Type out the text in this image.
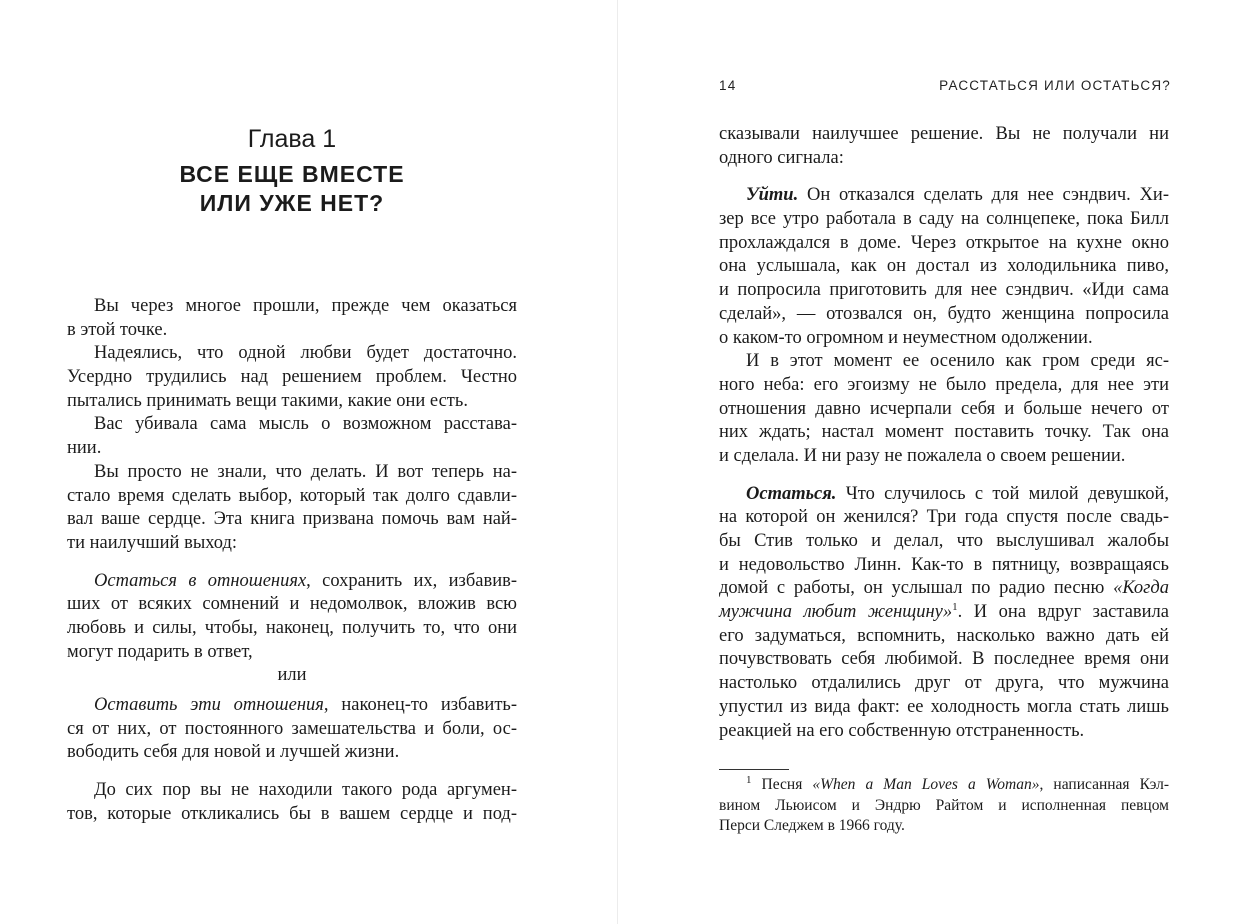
Глава 1
ВСЕ ЕЩЕ ВМЕСТЕ
ИЛИ УЖЕ НЕТ?
Вы через многое прошли, прежде чем оказаться
в этой точке.
Надеялись, что одной любви будет достаточно.
Усердно трудились над решением проблем. Честно
пытались принимать вещи такими, какие они есть.
Вас убивала сама мысль о возможном расстава-
нии.
Вы просто не знали, что делать. И вот теперь на-
стало время сделать выбор, который так долго сдавли-
вал ваше сердце. Эта книга призвана помочь вам най-
ти наилучший выход:
Остаться в отношениях, сохранить их, избавив-
ших от всяких сомнений и недомолвок, вложив всю
любовь и силы, чтобы, наконец, получить то, что они
могут подарить в ответ,
или
Оставить эти отношения, наконец-то избавить-
ся от них, от постоянного замешательства и боли, ос-
вободить себя для новой и лучшей жизни.
До сих пор вы не находили такого рода аргумен-
тов, которые откликались бы в вашем сердце и под-
14	РАССТАТЬСЯ ИЛИ ОСТАТЬСЯ?
сказывали наилучшее решение. Вы не получали ни
одного сигнала:
Уйти. Он отказался сделать для нее сэндвич. Хи-
зер все утро работала в саду на солнцепеке, пока Билл
прохлаждался в доме. Через открытое на кухне окно
она услышала, как он достал из холодильника пиво,
и попросила приготовить для нее сэндвич. «Иди сама
сделай», — отозвался он, будто женщина попросила
о каком-то огромном и неуместном одолжении.
И в этот момент ее осенило как гром среди яс-
ного неба: его эгоизму не было предела, для нее эти
отношения давно исчерпали себя и больше нечего от
них ждать; настал момент поставить точку. Так она
и сделала. И ни разу не пожалела о своем решении.
Остаться. Что случилось с той милой девушкой,
на которой он женился? Три года спустя после свадь-
бы Стив только и делал, что выслушивал жалобы
и недовольство Линн. Как-то в пятницу, возвращаясь
домой с работы, он услышал по радио песню «Когда
мужчина любит женщину»$^1$. И она вдруг заставила
его задуматься, вспомнить, насколько важно дать ей
почувствовать себя любимой. В последнее время они
настолько отдалились друг от друга, что мужчина
упустил из вида факт: ее холодность могла стать лишь
реакцией на его собственную отстраненность.
$^1$ Песня «When a Man Loves a Woman», написанная Кэл-
вином Льюисом и Эндрю Райтом и исполненная певцом
Перси Следжем в 1966 году.
